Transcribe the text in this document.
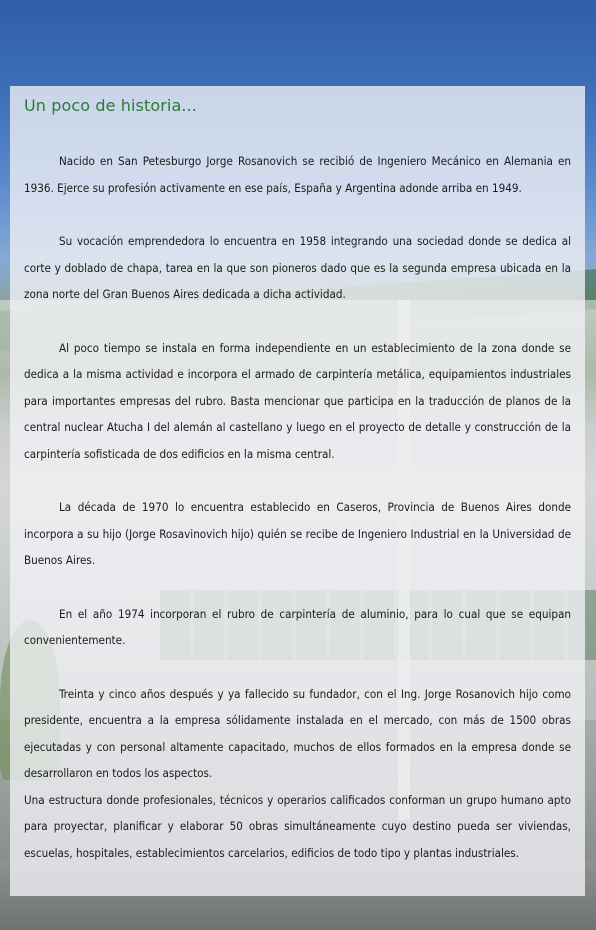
Un poco de historia...

Nacido en San Petesburgo Jorge Rosanovich se recibió de Ingeniero Mecánico en Alemania en 1936. Ejerce su profesión activamente en ese país, España y Argentina adonde arriba en 1949.

Su vocación emprendedora lo encuentra en 1958 integrando una sociedad donde se dedica al corte y doblado de chapa, tarea en la que son pioneros dado que es la segunda empresa ubicada en la zona norte del Gran Buenos Aires dedicada a dicha actividad.

Al poco tiempo se instala en forma independiente en un establecimiento de la zona donde se dedica a la misma actividad e incorpora el armado de carpintería metálica, equipamientos industriales para importantes empresas del rubro. Basta mencionar que participa en la traducción de planos de la central nuclear Atucha I del alemán al castellano y luego en el proyecto de detalle y construcción de la carpintería sofisticada de dos edificios en la misma central.

La década de 1970 lo encuentra establecido en Caseros, Provincia de Buenos Aires donde incorpora a su hijo (Jorge Rosavinovich hijo) quién se recibe de Ingeniero Industrial en la Universidad de Buenos Aires.

En el año 1974 incorporan el rubro de carpintería de aluminio, para lo cual que se equipan convenientemente.

Treinta y cinco años después y ya fallecido su fundador, con el Ing. Jorge Rosanovich hijo como presidente, encuentra a la empresa sólidamente instalada en el mercado, con más de 1500 obras ejecutadas y con personal altamente capacitado, muchos de ellos formados en la empresa donde se desarrollaron en todos los aspectos.

Una estructura donde profesionales, técnicos y operarios calificados conforman un grupo humano apto para proyectar, planificar y elaborar 50 obras simultáneamente cuyo destino pueda ser viviendas, escuelas, hospitales, establecimientos carcelarios, edificios de todo tipo y plantas industriales.
